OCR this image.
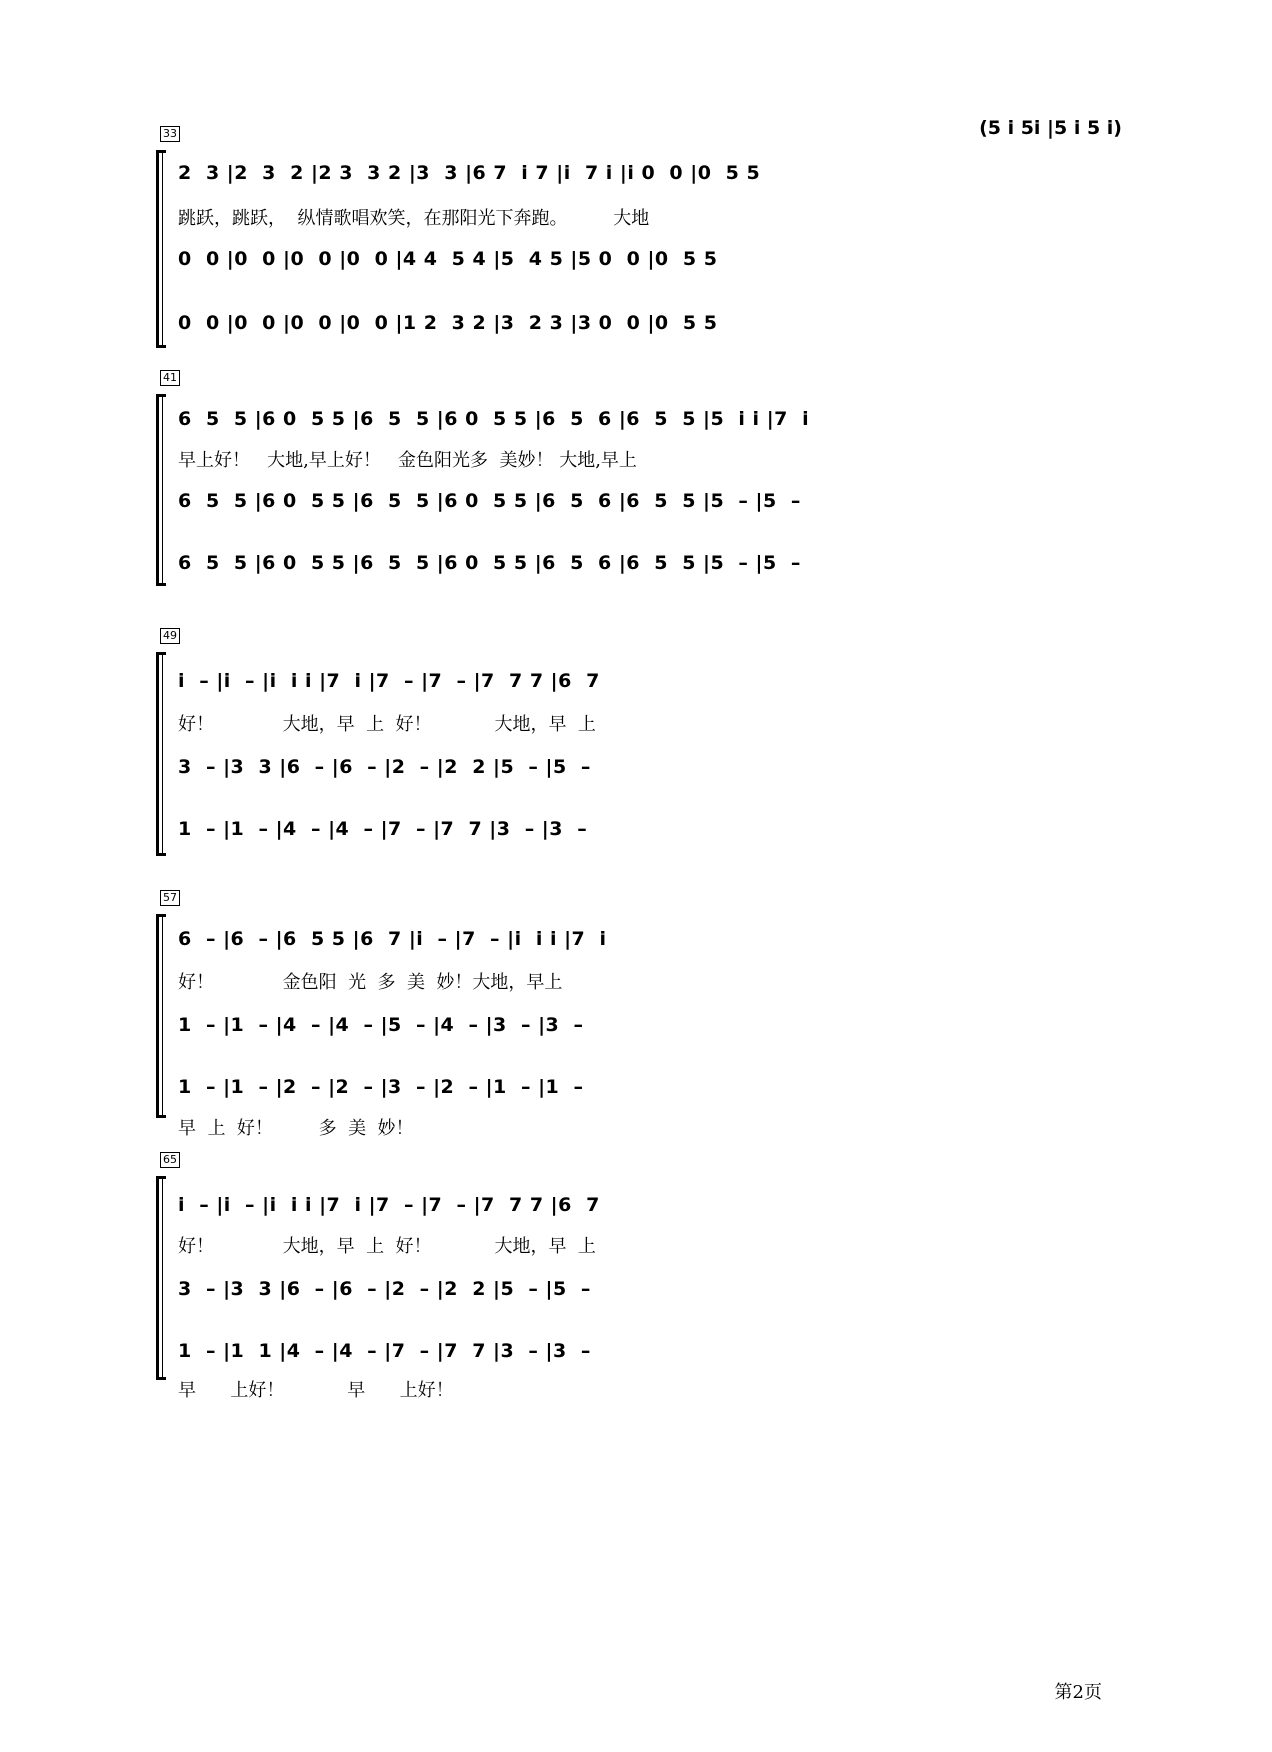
(5 i 5i |5 i 5 i)
33
2  3 |2  3  2 |2 3  3 2 |3  3 |6 7  i 7 |i  7 i |i 0  0 |0  5 5
跳跃，跳跃，  纵情歌唱欢笑，在那阳光下奔跑。        大地
0  0 |0  0 |0  0 |0  0 |4 4  5 4 |5  4 5 |5 0  0 |0  5 5
0  0 |0  0 |0  0 |0  0 |1 2  3 2 |3  2 3 |3 0  0 |0  5 5
41
6  5  5 |6 0  5 5 |6  5  5 |6 0  5 5 |6  5  6 |6  5  5 |5  i i |7  i
早上好！   大地,早上好！   金色阳光多  美妙！ 大地,早上
6  5  5 |6 0  5 5 |6  5  5 |6 0  5 5 |6  5  6 |6  5  5 |5  – |5  –
6  5  5 |6 0  5 5 |6  5  5 |6 0  5 5 |6  5  6 |6  5  5 |5  – |5  –
49
i  – |i  – |i  i i |7  i |7  – |7  – |7  7 7 |6  7
好！            大地，早  上  好！           大地，早  上
3  – |3  3 |6  – |6  – |2  – |2  2 |5  – |5  –
1  – |1  – |4  – |4  – |7  – |7  7 |3  – |3  –
57
6  – |6  – |6  5 5 |6  7 |i  – |7  – |i  i i |7  i
好！            金色阳  光  多  美  妙！大地，早上
1  – |1  – |4  – |4  – |5  – |4  – |3  – |3  –
1  – |1  – |2  – |2  – |3  – |2  – |1  – |1  –
早  上  好！        多  美  妙！
65
i  – |i  – |i  i i |7  i |7  – |7  – |7  7 7 |6  7
好！            大地，早  上  好！           大地，早  上
3  – |3  3 |6  – |6  – |2  – |2  2 |5  – |5  –
1  – |1  1 |4  – |4  – |7  – |7  7 |3  – |3  –
早      上好！           早      上好！
第2页
